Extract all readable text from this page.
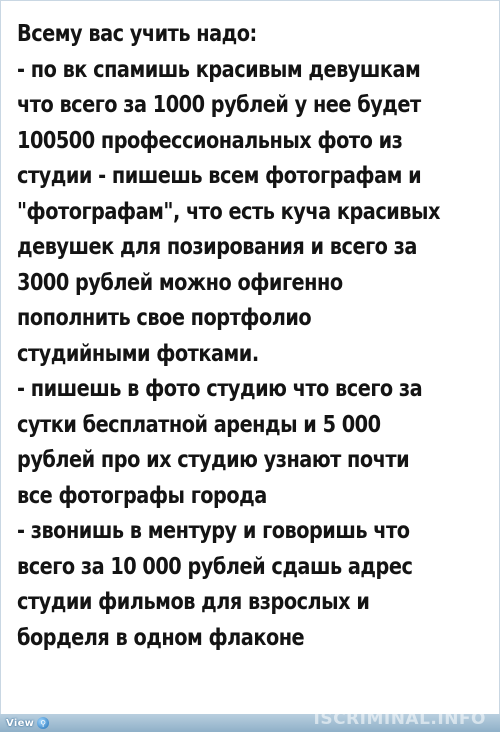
Всему вас учить надо:
- по вк спамишь красивым девушкам
что всего за 1000 рублей у нее будет
100500 профессиональных фото из
студии - пишешь всем фотографам и
"фотографам", что есть куча красивых
девушек для позирования и всего за
3000 рублей можно офигенно
пополнить свое портфолио
студийными фотками.
- пишешь в фото студию что всего за
сутки бесплатной аренды и 5 000
рублей про их студию узнают почти
все фотографы города
- звонишь в ментуру и говоришь что
всего за 10 000 рублей сдашь адрес
студии фильмов для взрослых и
борделя в одном флаконе

View ⚲	ISCRIMINAL.INFO
